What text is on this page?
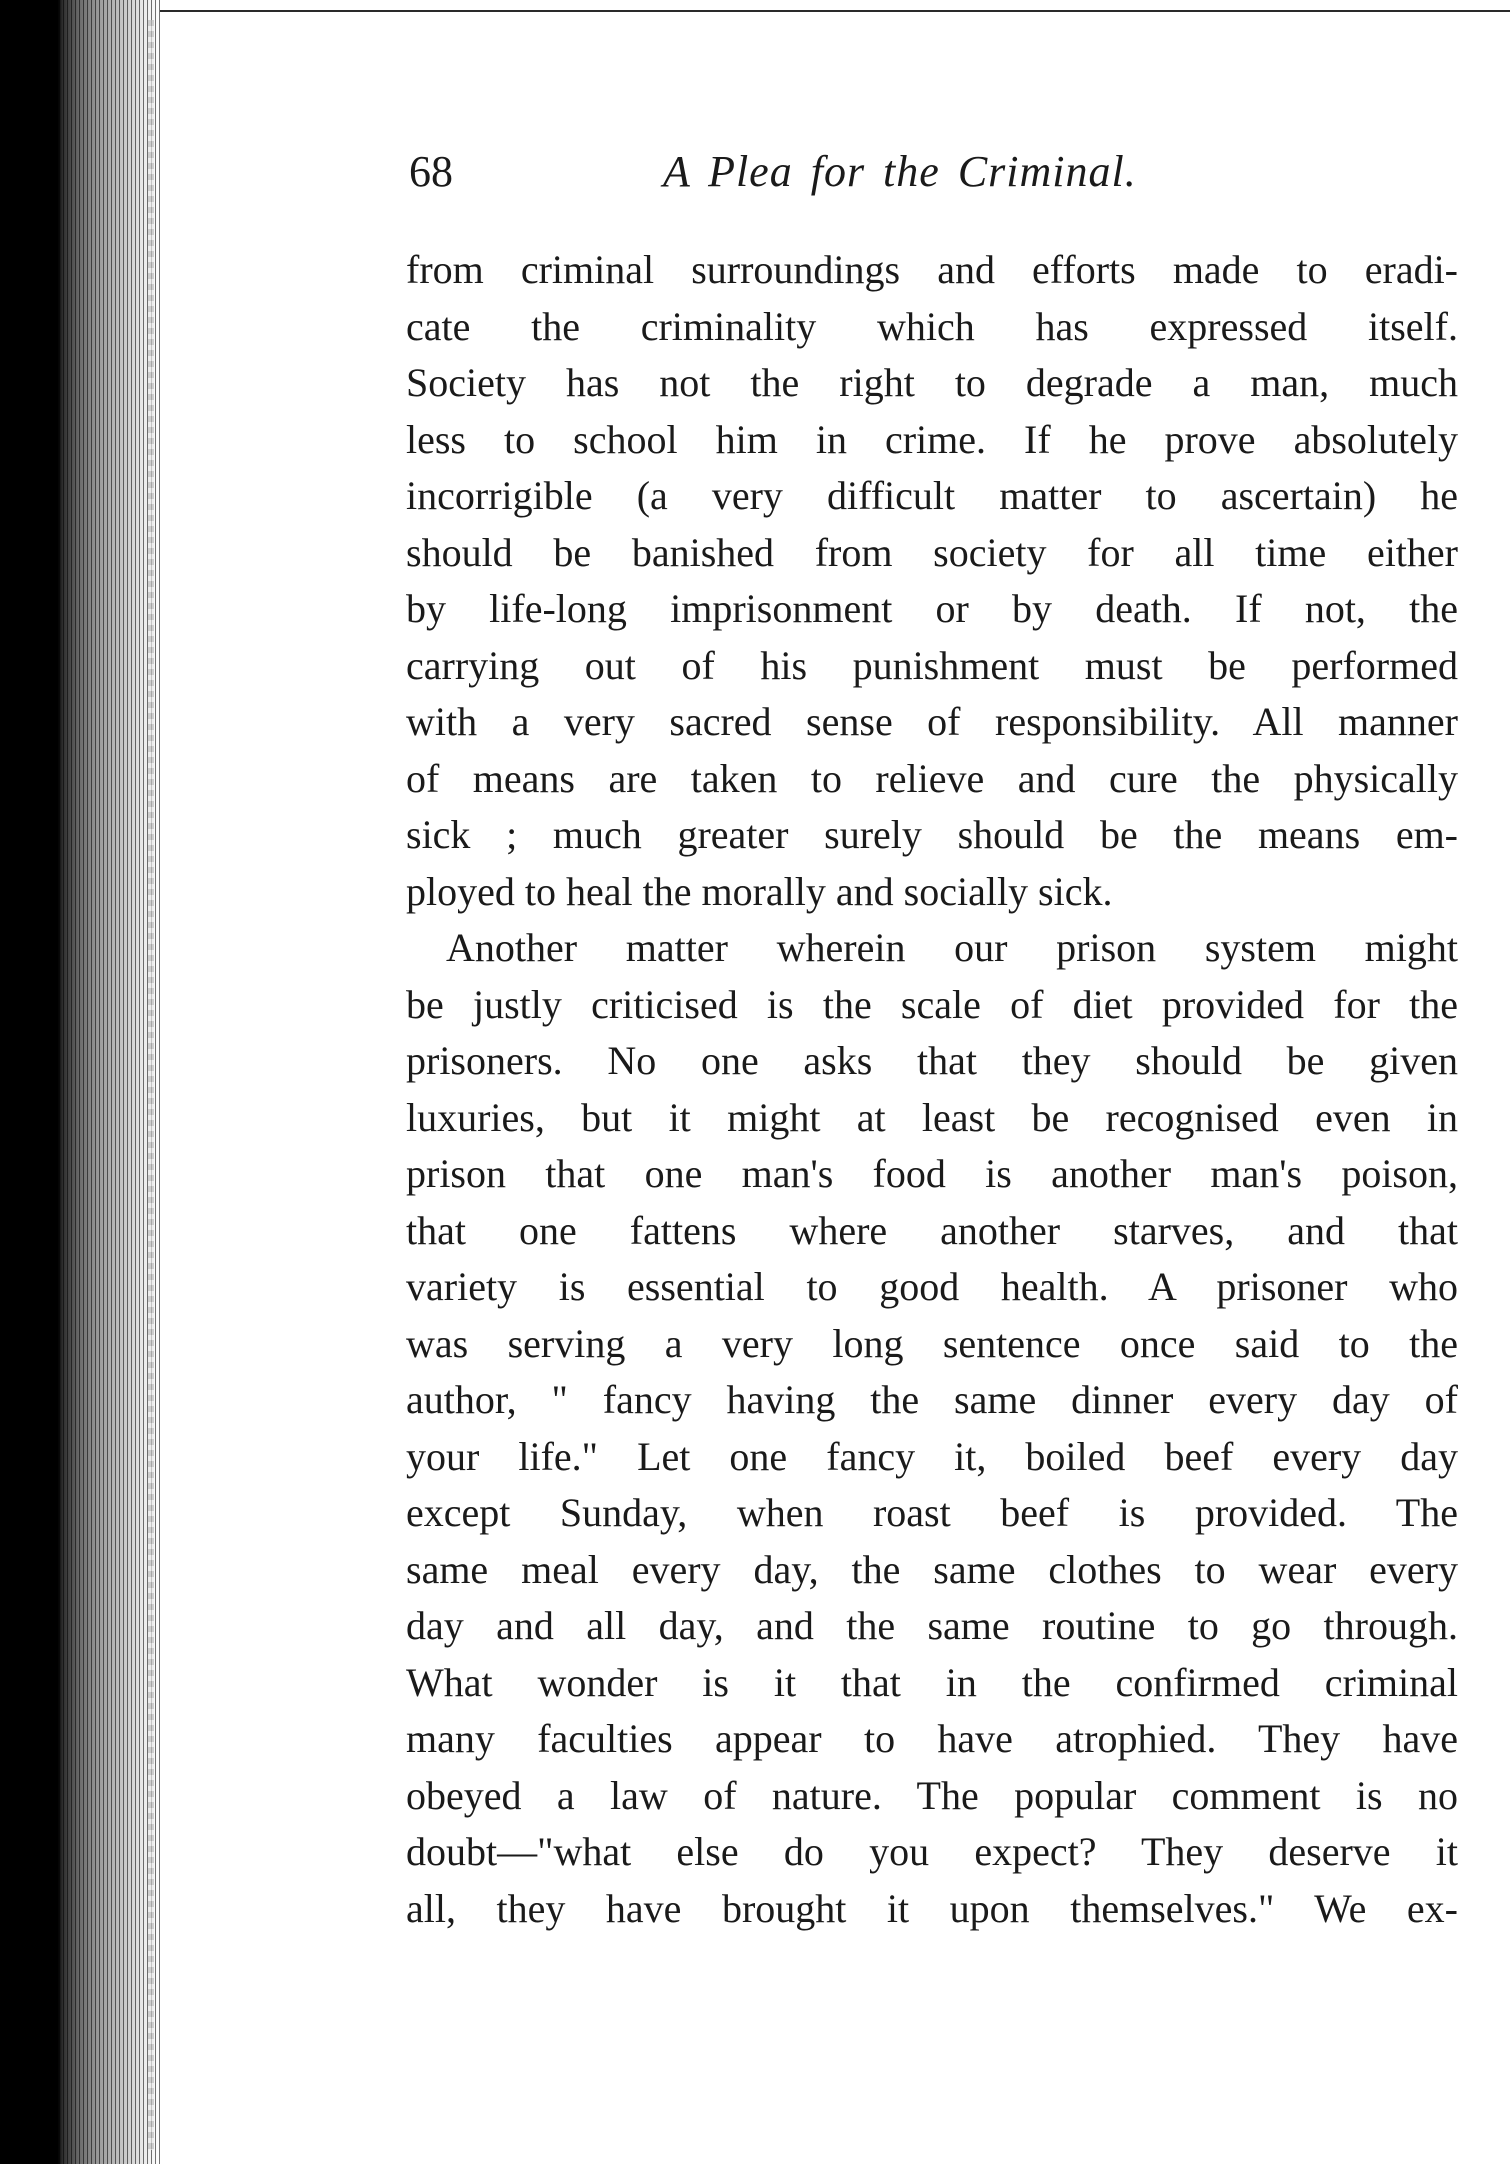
68	A Plea for the Criminal.
from criminal surroundings and efforts made to eradi-
cate the criminality which has expressed itself.
Society has not the right to degrade a man, much
less to school him in crime. If he prove absolutely
incorrigible (a very difficult matter to ascertain) he
should be banished from society for all time either
by life-long imprisonment or by death. If not, the
carrying out of his punishment must be performed
with a very sacred sense of responsibility. All manner
of means are taken to relieve and cure the physically
sick ; much greater surely should be the means em-
ployed to heal the morally and socially sick.
Another matter wherein our prison system might
be justly criticised is the scale of diet provided for the
prisoners. No one asks that they should be given
luxuries, but it might at least be recognised even in
prison that one man's food is another man's poison,
that one fattens where another starves, and that
variety is essential to good health. A prisoner who
was serving a very long sentence once said to the
author, " fancy having the same dinner every day of
your life." Let one fancy it, boiled beef every day
except Sunday, when roast beef is provided. The
same meal every day, the same clothes to wear every
day and all day, and the same routine to go through.
What wonder is it that in the confirmed criminal
many faculties appear to have atrophied. They have
obeyed a law of nature. The popular comment is no
doubt—"what else do you expect? They deserve it
all, they have brought it upon themselves." We ex-
